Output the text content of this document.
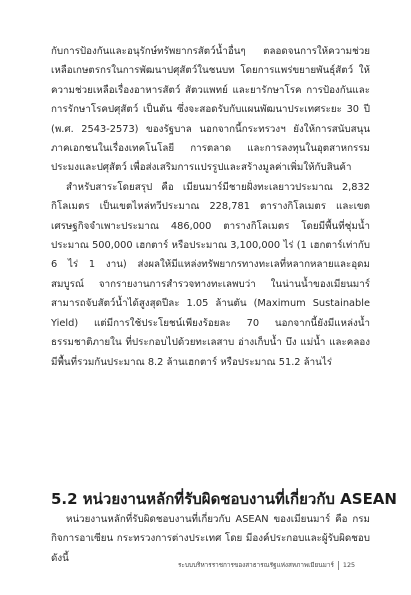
กับการป้องกันและอนุรักษ์ทรัพยากรสัตว์น้ำอื่นๆ ตลอดจนการให้ความช่วยเหลือเกษตรกรในการพัฒนาปศุสัตว์ในชนบท โดยการแพร่ขยายพันธุ์สัตว์ ให้ความช่วยเหลือเรื่องอาหารสัตว์ สัตวแพทย์ และยารักษาโรค การป้องกันและการรักษาโรคปศุสัตว์ เป็นต้น ซึ่งจะสอดรับกับแผนพัฒนาประเทศระยะ 30 ปี (พ.ศ. 2543-2573) ของรัฐบาล นอกจากนี้กระทรวงฯ ยังให้การสนับสนุนภาคเอกชนในเรื่องเทคโนโลยี การตลาด และการลงทุนในอุตสาหกรรมประมงและปศุสัตว์ เพื่อส่งเสริมการแปรรูปและสร้างมูลค่าเพิ่มให้กับสินค้า

สำหรับสาระโดยสรุป คือ เมียนมาร์มีชายฝั่งทะเลยาวประมาณ 2,832 กิโลเมตร เป็นเขตไหล่ทวีประมาณ 228,781 ตารางกิโลเมตร และเขตเศรษฐกิจจำเพาะประมาณ 486,000 ตารางกิโลเมตร โดยมีพื้นที่ชุ่มน้ำประมาณ 500,000 เฮกตาร์ หรือประมาณ 3,100,000 ไร่ (1 เฮกตาร์เท่ากับ 6 ไร่ 1 งาน) ส่งผลให้มีแหล่งทรัพยากรทางทะเลที่หลากหลายและอุดมสมบูรณ์ จากรายงานการสำรวจทางทะเลพบว่า ในน่านน้ำของเมียนมาร์สามารถจับสัตว์น้ำได้สูงสุดปีละ 1.05 ล้านตัน (Maximum Sustainable Yield) แต่มีการใช้ประโยชน์เพียงร้อยละ 70 นอกจากนี้ยังมีแหล่งน้ำธรรมชาติภายใน ที่ประกอบไปด้วยทะเลสาบ อ่างเก็บน้ำ บึง แม่น้ำ และคลอง มีพื้นที่รวมกันประมาณ 8.2 ล้านเฮกตาร์ หรือประมาณ 51.2 ล้านไร่

5.2 หน่วยงานหลักที่รับผิดชอบงานที่เกี่ยวกับ ASEAN

หน่วยงานหลักที่รับผิดชอบงานที่เกี่ยวกับ ASEAN ของเมียนมาร์ คือ กรมกิจการอาเซียน กระทรวงการต่างประเทศ โดย มีองค์ประกอบและผู้รับผิดชอบดังนี้

ระบบบริหารราชการของสาธารณรัฐแห่งสหภาพเมียนมาร์ 125
